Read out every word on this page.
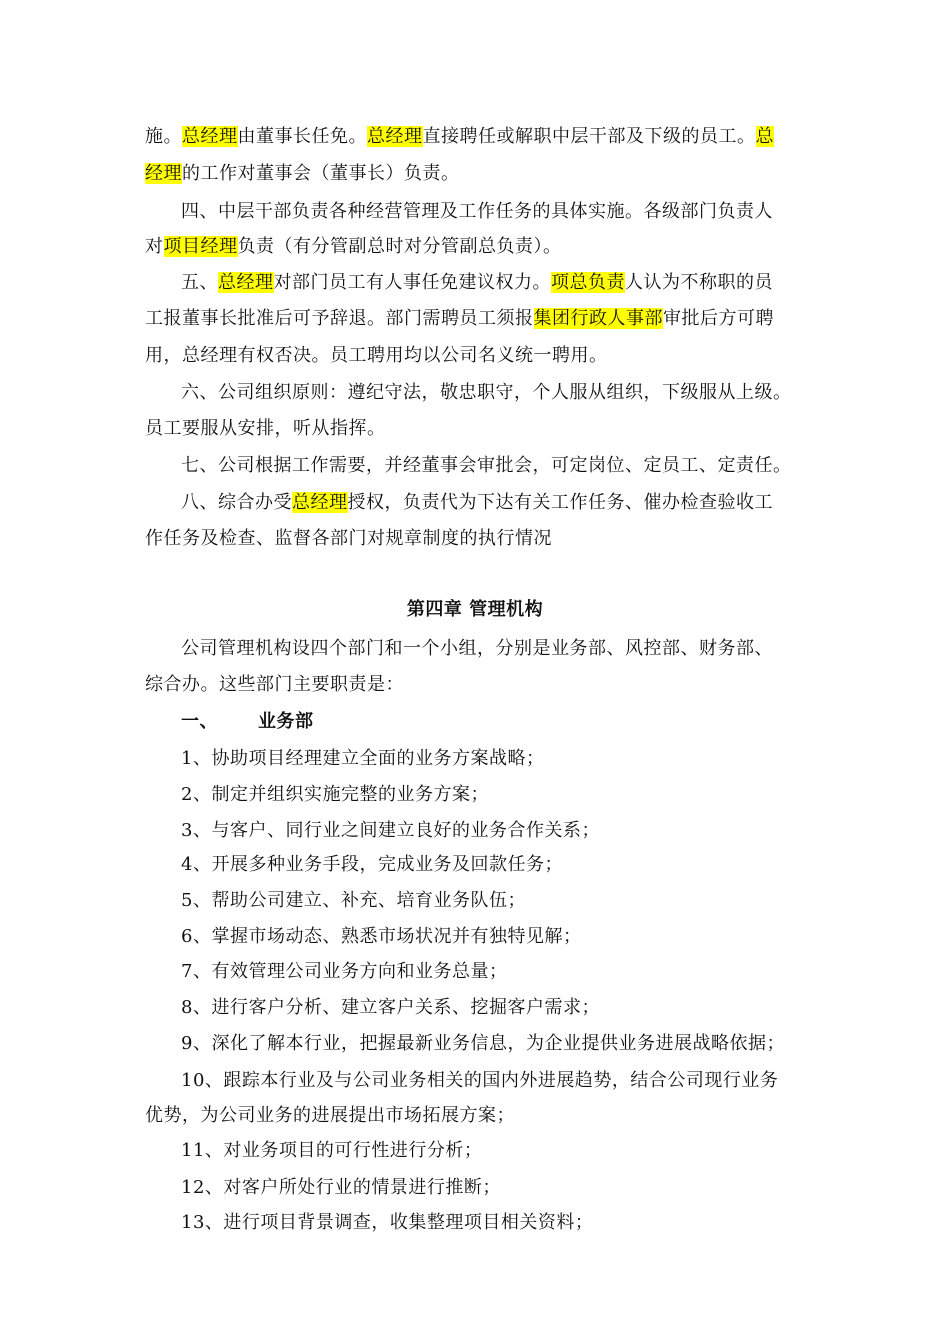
施。总经理由董事长任免。总经理直接聘任或解职中层干部及下级的员工。总
经理的工作对董事会（董事长）负责。
四、中层干部负责各种经营管理及工作任务的具体实施。各级部门负责人
对项目经理负责（有分管副总时对分管副总负责）。
五、总经理对部门员工有人事任免建议权力。项总负责人认为不称职的员
工报董事长批准后可予辞退。部门需聘员工须报集团行政人事部审批后方可聘
用，总经理有权否决。员工聘用均以公司名义统一聘用。
六、公司组织原则：遵纪守法，敬忠职守，个人服从组织，下级服从上级。
员工要服从安排，听从指挥。
七、公司根据工作需要，并经董事会审批会，可定岗位、定员工、定责任。
八、综合办受总经理授权，负责代为下达有关工作任务、催办检查验收工
作任务及检查、监督各部门对规章制度的执行情况
第四章 管理机构
公司管理机构设四个部门和一个小组，分别是业务部、风控部、财务部、
综合办。这些部门主要职责是：
一、 业务部
1、协助项目经理建立全面的业务方案战略；
2、制定并组织实施完整的业务方案；
3、与客户、同行业之间建立良好的业务合作关系；
4、开展多种业务手段，完成业务及回款任务；
5、帮助公司建立、补充、培育业务队伍；
6、掌握市场动态、熟悉市场状况并有独特见解；
7、有效管理公司业务方向和业务总量；
8、进行客户分析、建立客户关系、挖掘客户需求；
9、深化了解本行业，把握最新业务信息，为企业提供业务进展战略依据；
10、跟踪本行业及与公司业务相关的国内外进展趋势，结合公司现行业务
优势，为公司业务的进展提出市场拓展方案；
11、对业务项目的可行性进行分析；
12、对客户所处行业的情景进行推断；
13、进行项目背景调查，收集整理项目相关资料；
